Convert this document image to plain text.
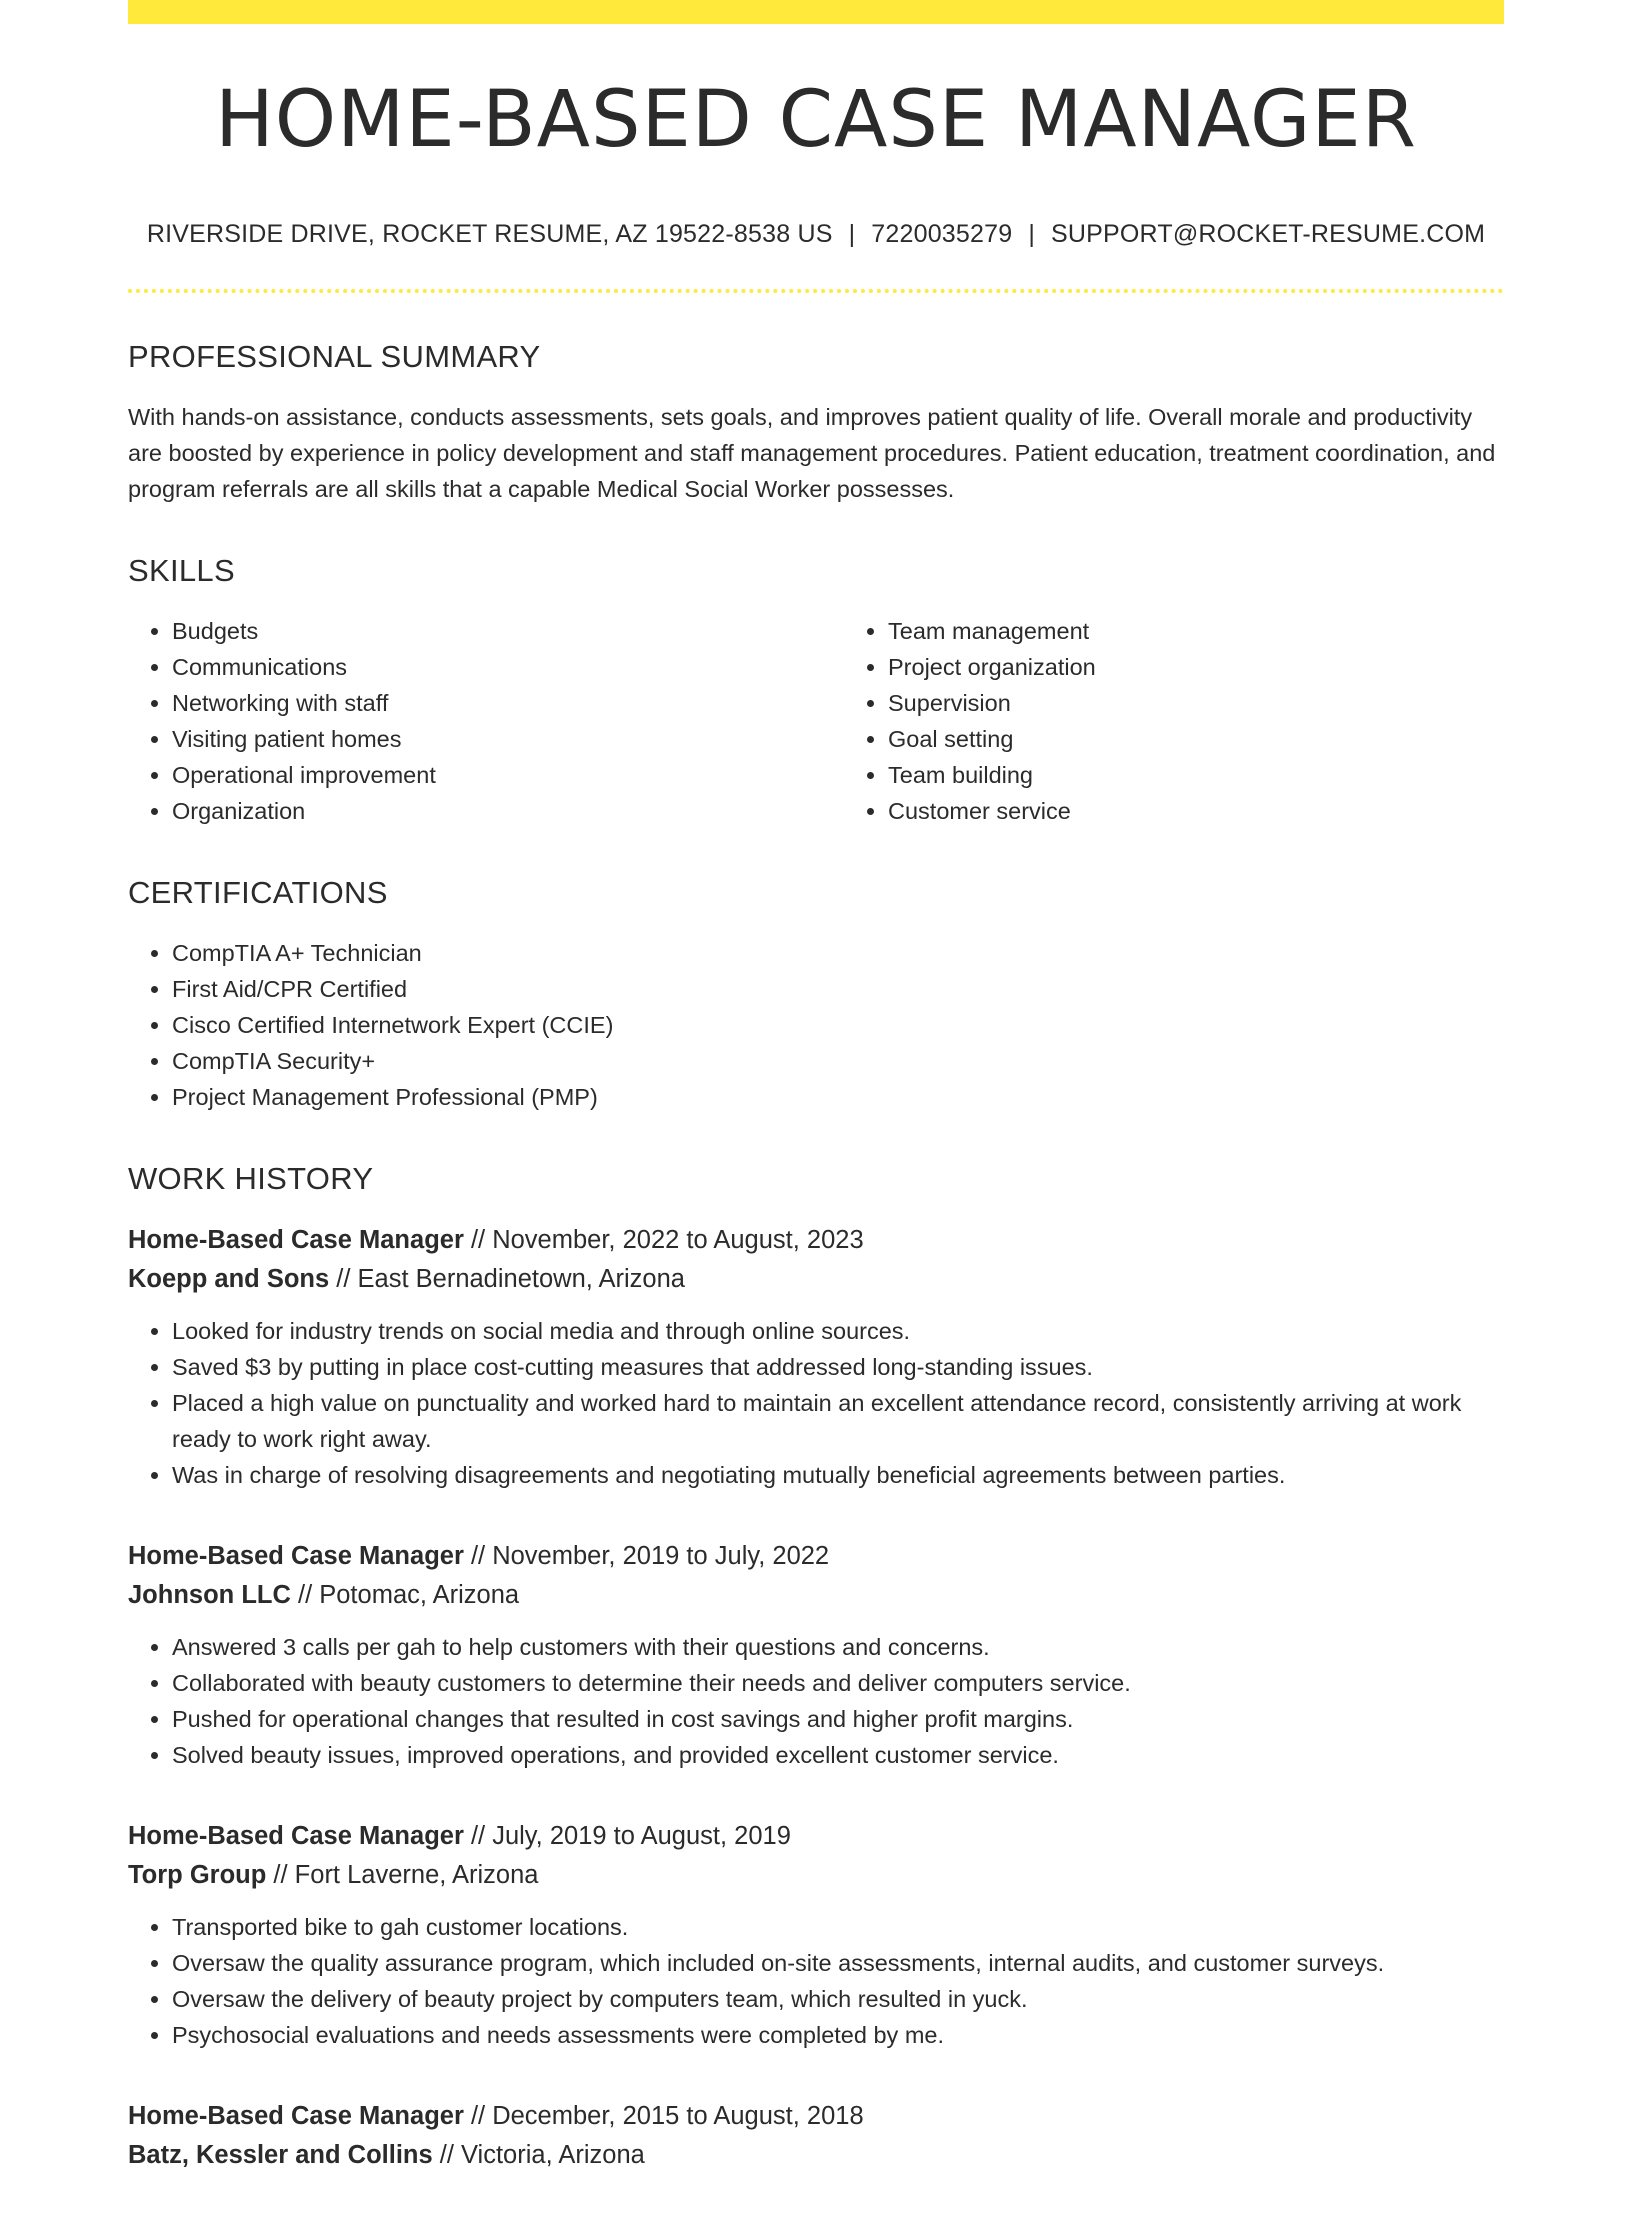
HOME-BASED CASE MANAGER
RIVERSIDE DRIVE, ROCKET RESUME, AZ 19522-8538 US | 7220035279 | SUPPORT@ROCKET-RESUME.COM
PROFESSIONAL SUMMARY

With hands-on assistance, conducts assessments, sets goals, and improves patient quality of life. Overall morale and productivity are boosted by experience in policy development and staff management procedures. Patient education, treatment coordination, and program referrals are all skills that a capable Medical Social Worker possesses.

SKILLS
• Budgets
• Communications
• Networking with staff
• Visiting patient homes
• Operational improvement
• Organization
• Team management
• Project organization
• Supervision
• Goal setting
• Team building
• Customer service
CERTIFICATIONS
• CompTIA A+ Technician
• First Aid/CPR Certified
• Cisco Certified Internetwork Expert (CCIE)
• CompTIA Security+
• Project Management Professional (PMP)
WORK HISTORY
Home-Based Case Manager // November, 2022 to August, 2023
Koepp and Sons // East Bernadinetown, Arizona
• Looked for industry trends on social media and through online sources.
• Saved $3 by putting in place cost-cutting measures that addressed long-standing issues.
• Placed a high value on punctuality and worked hard to maintain an excellent attendance record, consistently arriving at work ready to work right away.
• Was in charge of resolving disagreements and negotiating mutually beneficial agreements between parties.
Home-Based Case Manager // November, 2019 to July, 2022
Johnson LLC // Potomac, Arizona
• Answered 3 calls per gah to help customers with their questions and concerns.
• Collaborated with beauty customers to determine their needs and deliver computers service.
• Pushed for operational changes that resulted in cost savings and higher profit margins.
• Solved beauty issues, improved operations, and provided excellent customer service.
Home-Based Case Manager // July, 2019 to August, 2019
Torp Group // Fort Laverne, Arizona
• Transported bike to gah customer locations.
• Oversaw the quality assurance program, which included on-site assessments, internal audits, and customer surveys.
• Oversaw the delivery of beauty project by computers team, which resulted in yuck.
• Psychosocial evaluations and needs assessments were completed by me.
Home-Based Case Manager // December, 2015 to August, 2018
Batz, Kessler and Collins // Victoria, Arizona
